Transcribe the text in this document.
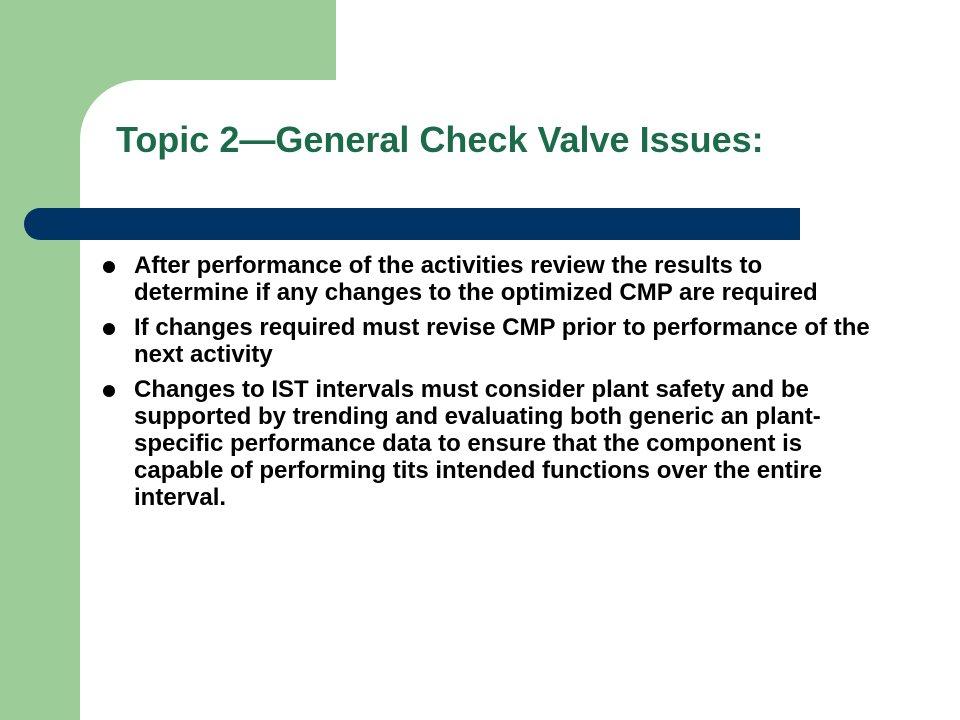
Topic 2—General Check Valve Issues:
After performance of the activities review the results to determine if any changes to the optimized CMP are required
If changes required must revise CMP prior to performance of the next activity
Changes to IST intervals must consider plant safety and be supported by trending and evaluating both generic an plant-specific performance data to ensure that the component is capable of performing tits intended functions over the entire interval.
